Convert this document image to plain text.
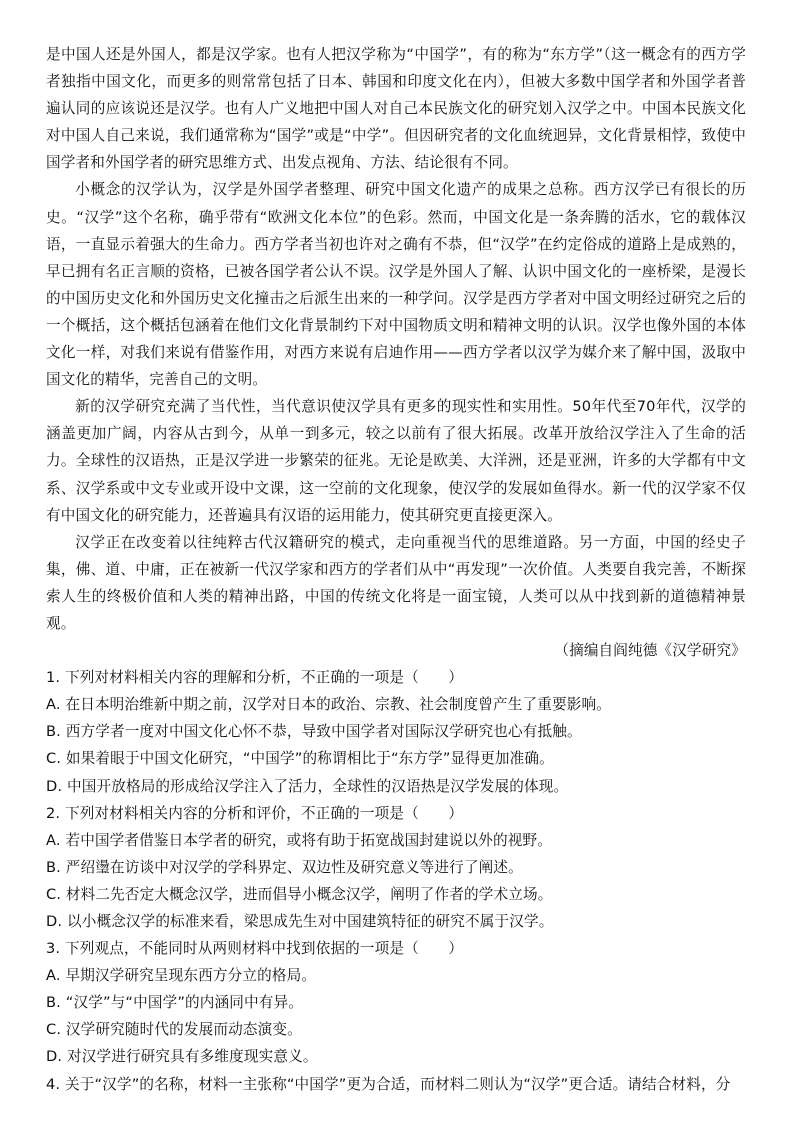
是中国人还是外国人，都是汉学家。也有人把汉学称为“中国学”，有的称为“东方学”（这一概念有的西方学者独指中国文化，而更多的则常常包括了日本、韩国和印度文化在内），但被大多数中国学者和外国学者普遍认同的应该说还是汉学。也有人广义地把中国人对自己本民族文化的研究划入汉学之中。中国本民族文化对中国人自己来说，我们通常称为“国学”或是“中学”。但因研究者的文化血统迥异，文化背景相悖，致使中国学者和外国学者的研究思维方式、出发点视角、方法、结论很有不同。

小概念的汉学认为，汉学是外国学者整理、研究中国文化遗产的成果之总称。西方汉学已有很长的历史。“汉学”这个名称，确乎带有“欧洲文化本位”的色彩。然而，中国文化是一条奔腾的活水，它的载体汉语，一直显示着强大的生命力。西方学者当初也许对之确有不恭，但“汉学”在约定俗成的道路上是成熟的，早已拥有名正言顺的资格，已被各国学者公认不误。汉学是外国人了解、认识中国文化的一座桥梁，是漫长的中国历史文化和外国历史文化撞击之后派生出来的一种学问。汉学是西方学者对中国文明经过研究之后的一个概括，这个概括包涵着在他们文化背景制约下对中国物质文明和精神文明的认识。汉学也像外国的本体文化一样，对我们来说有借鉴作用，对西方来说有启迪作用——西方学者以汉学为媒介来了解中国，汲取中国文化的精华，完善自己的文明。

新的汉学研究充满了当代性，当代意识使汉学具有更多的现实性和实用性。50年代至70年代，汉学的涵盖更加广阔，内容从古到今，从单一到多元，较之以前有了很大拓展。改革开放给汉学注入了生命的活力。全球性的汉语热，正是汉学进一步繁荣的征兆。无论是欧美、大洋洲，还是亚洲，许多的大学都有中文系、汉学系或中文专业或开设中文课，这一空前的文化现象，使汉学的发展如鱼得水。新一代的汉学家不仅有中国文化的研究能力，还普遍具有汉语的运用能力，使其研究更直接更深入。

汉学正在改变着以往纯粹古代汉籍研究的模式，走向重视当代的思维道路。另一方面，中国的经史子集，佛、道、中庸，正在被新一代汉学家和西方的学者们从中“再发现”一次价值。人类要自我完善，不断探索人生的终极价值和人类的精神出路，中国的传统文化将是一面宝镜，人类可以从中找到新的道德精神景观。

（摘编自阎纯德《汉学研究》

1. 下列对材料相关内容的理解和分析，不正确的一项是（　　）

A. 在日本明治维新中期之前，汉学对日本的政治、宗教、社会制度曾产生了重要影响。

B. 西方学者一度对中国文化心怀不恭，导致中国学者对国际汉学研究也心有抵触。

C. 如果着眼于中国文化研究，“中国学”的称谓相比于“东方学”显得更加准确。

D. 中国开放格局的形成给汉学注入了活力，全球性的汉语热是汉学发展的体现。

2. 下列对材料相关内容的分析和评价，不正确的一项是（　　）

A. 若中国学者借鉴日本学者的研究，或将有助于拓宽战国封建说以外的视野。

B. 严绍璗在访谈中对汉学的学科界定、双边性及研究意义等进行了阐述。

C. 材料二先否定大概念汉学，进而倡导小概念汉学，阐明了作者的学术立场。

D. 以小概念汉学的标准来看，梁思成先生对中国建筑特征的研究不属于汉学。

3. 下列观点，不能同时从两则材料中找到依据的一项是（　　）

A. 早期汉学研究呈现东西方分立的格局。

B. “汉学”与“中国学”的内涵同中有异。

C. 汉学研究随时代的发展而动态演变。

D. 对汉学进行研究具有多维度现实意义。

4. 关于“汉学”的名称，材料一主张称“中国学”更为合适，而材料二则认为“汉学”更合适。请结合材料，分
